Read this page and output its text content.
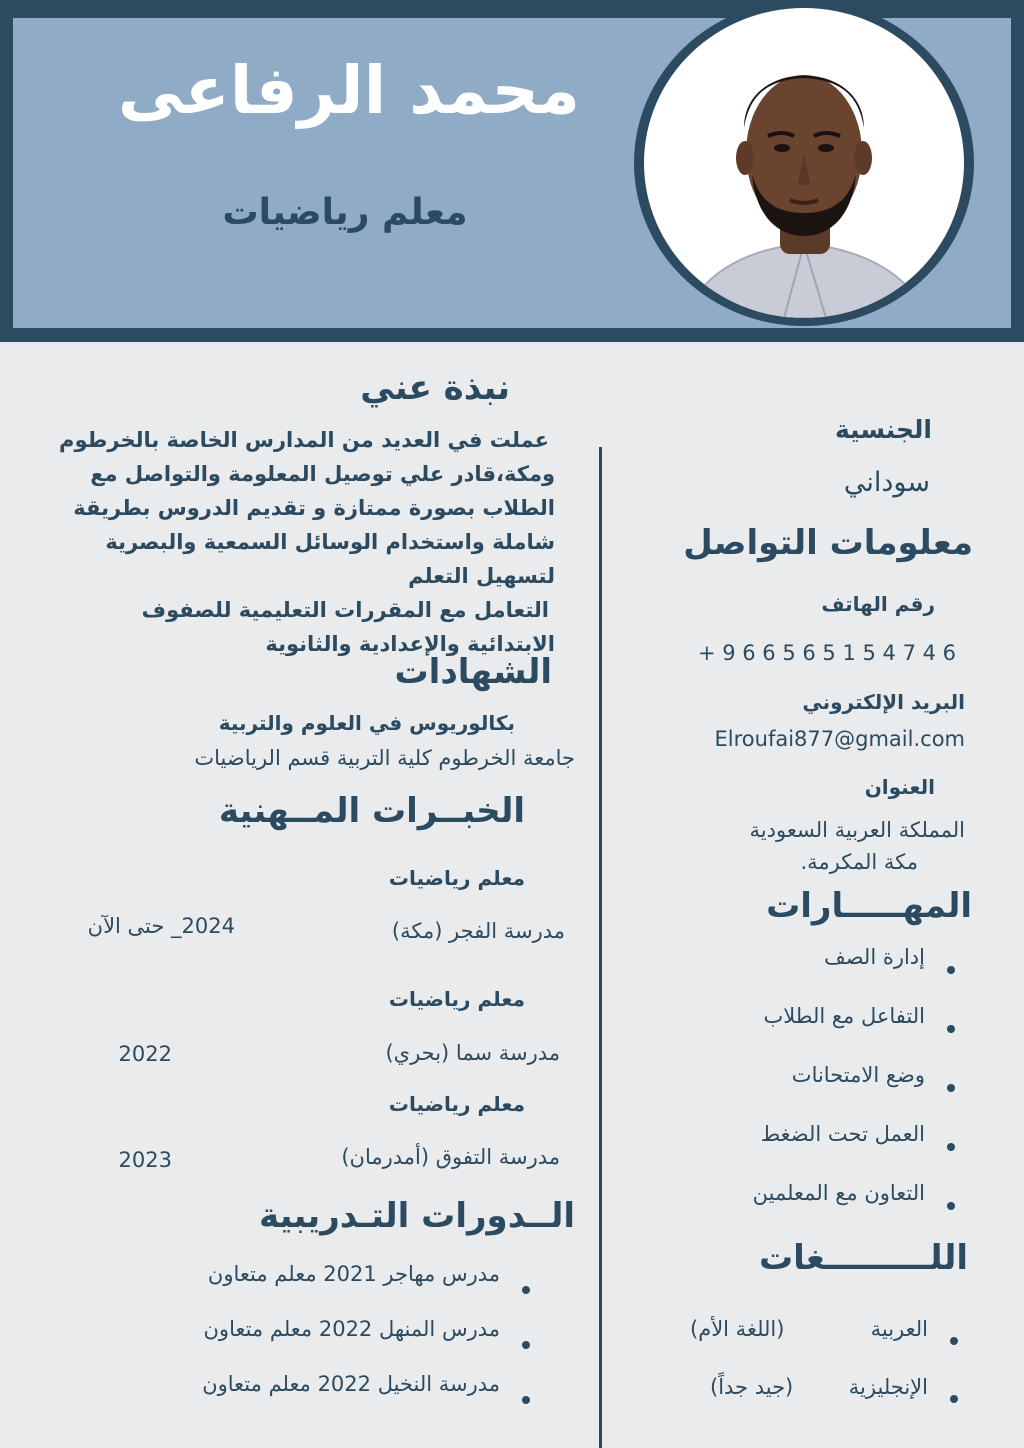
محمد الرفاعى
معلم رياضيات
نبذة عني
عملت في العديد من المدارس الخاصة بالخرطوم
ومكة،قادر علي توصيل المعلومة والتواصل مع
الطلاب بصورة ممتازة و تقديم الدروس بطريقة
شاملة واستخدام الوسائل السمعية والبصرية
لتسهيل التعلم
التعامل مع المقررات التعليمية للصفوف
الابتدائية والإعدادية والثانوية
الشهادات
بكالوريوس في العلوم والتربية
جامعة الخرطوم كلية التربية قسم الرياضيات
الخبــرات المــهنية
معلم رياضيات
مدرسة الفجر (مكة)
2024_ حتى الآن
معلم رياضيات
مدرسة سما (بحري)
2022
معلم رياضيات
مدرسة التفوق (أمدرمان)
2023
الــدورات التـدريبية
مدرس مهاجر 2021 معلم متعاون
مدرس المنهل 2022 معلم متعاون
مدرسة النخيل 2022 معلم متعاون
الجنسية
سوداني
معلومات التواصل
رقم الهاتف
+ 9 6 6 5 6 5 1 5 4 7 4 6
البريد الإلكتروني
Elroufai877@gmail.com
العنوان
المملكة العربية السعودية
مكة المكرمة.
المهـــــارات
إدارة الصف
التفاعل مع الطلاب
وضع الامتحانات
العمل تحت الضغط
التعاون مع المعلمين
اللـــــــــغات
العربية
(اللغة الأم)
الإنجليزية
(جيد جداً)
